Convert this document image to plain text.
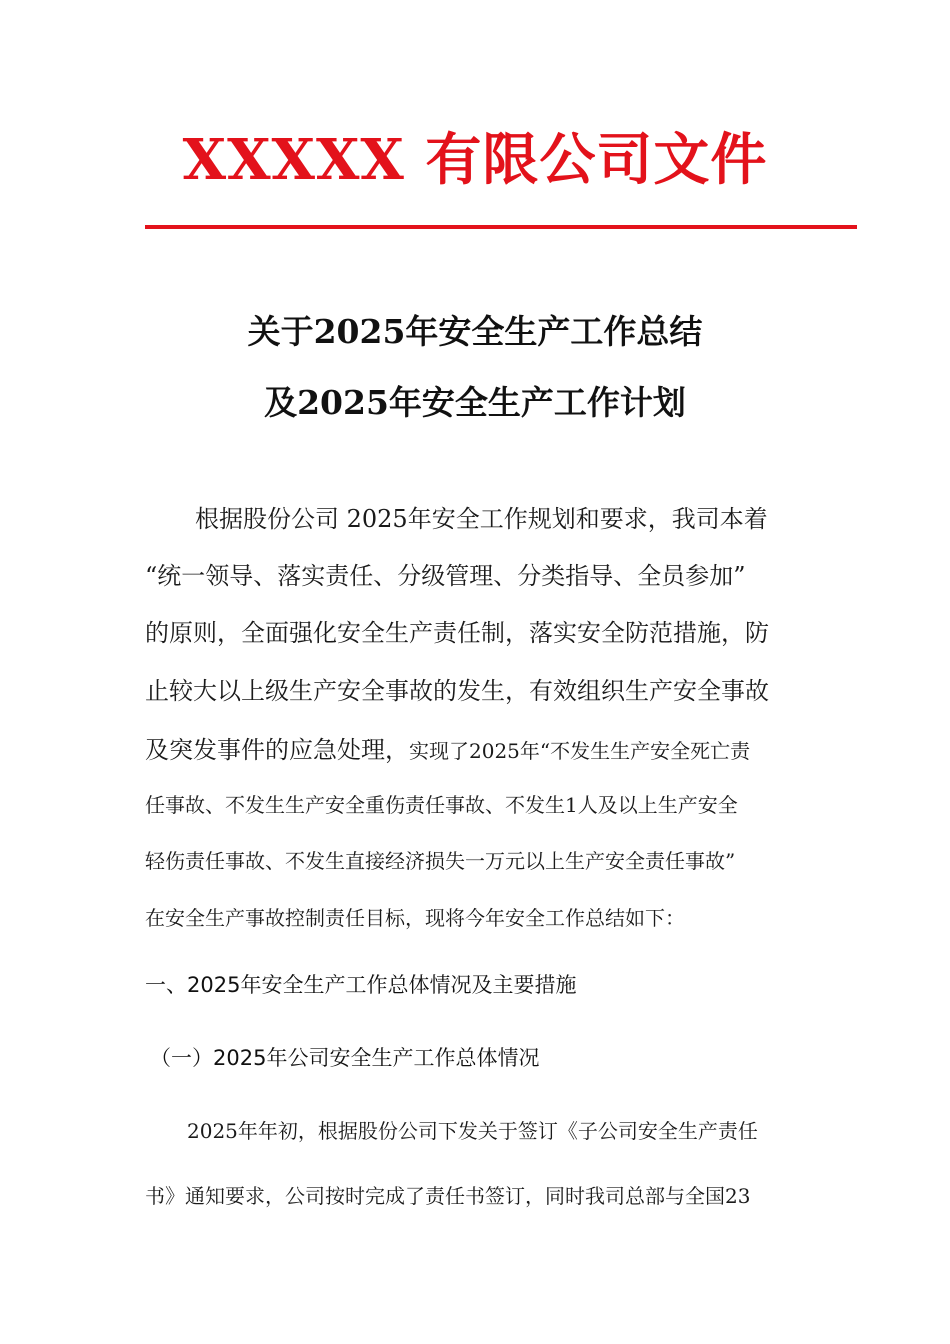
XXXXX 有限公司文件
关于2025年安全生产工作总结
及2025年安全生产工作计划
根据股份公司 2025年安全工作规划和要求，我司本着
“统一领导、落实责任、分级管理、分类指导、全员参加”
的原则，全面强化安全生产责任制，落实安全防范措施，防
止较大以上级生产安全事故的发生，有效组织生产安全事故
及突发事件的应急处理，实现了2025年“不发生生产安全死亡责
任事故、不发生生产安全重伤责任事故、不发生1人及以上生产安全
轻伤责任事故、不发生直接经济损失一万元以上生产安全责任事故”
在安全生产事故控制责任目标，现将今年安全工作总结如下：
一、2025年安全生产工作总体情况及主要措施
（一）2025年公司安全生产工作总体情况
2025年年初，根据股份公司下发关于签订《子公司安全生产责任
书》通知要求，公司按时完成了责任书签订，同时我司总部与全国23
